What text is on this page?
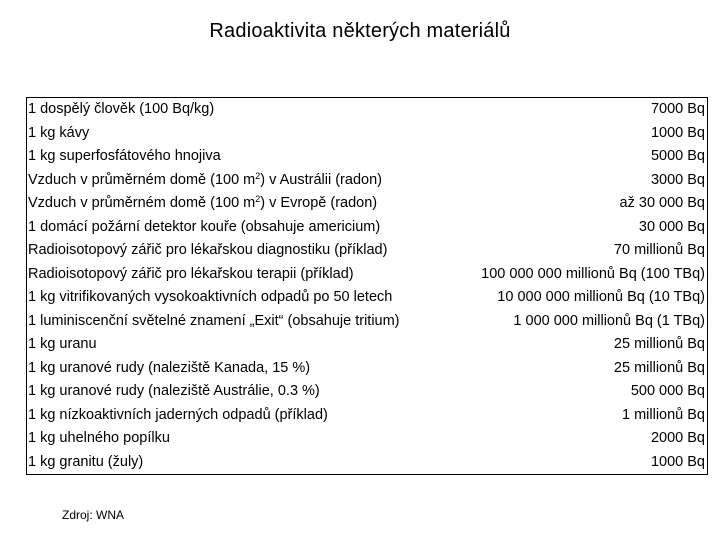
Radioaktivita některých materiálů
1 dospělý člověk (100 Bq/kg)	7000 Bq
1 kg kávy	1000 Bq
1 kg superfosfátového hnojiva	5000 Bq
Vzduch v průměrném domě (100 $m^2$) v Austrálii (radon)	3000 Bq
Vzduch v průměrném domě (100 $m^2$) v Evropě (radon)	až 30 000 Bq
1 domácí požární detektor kouře (obsahuje americium)	30 000 Bq
Radioisotopový zářič pro lékařskou diagnostiku (příklad)	70 millionů Bq
Radioisotopový zářič pro lékařskou terapii (příklad)	100 000 000 millionů Bq (100 TBq)
1 kg vitrifikovaných vysokoaktivních odpadů po 50 letech	10 000 000 millionů Bq (10 TBq)
1 luminiscenční světelné znamení „Exit“ (obsahuje tritium)	1 000 000 millionů Bq (1 TBq)
1 kg uranu	25 millionů Bq
1 kg uranové rudy (naleziště Kanada, 15 %)	25 millionů Bq
1 kg uranové rudy (naleziště Austrálie, 0.3 %)	500 000 Bq
1 kg nízkoaktivních jaderných odpadů (příklad)	1 millionů Bq
1 kg uhelného popílku	2000 Bq
1 kg granitu (žuly)	1000 Bq
Zdroj: WNA
